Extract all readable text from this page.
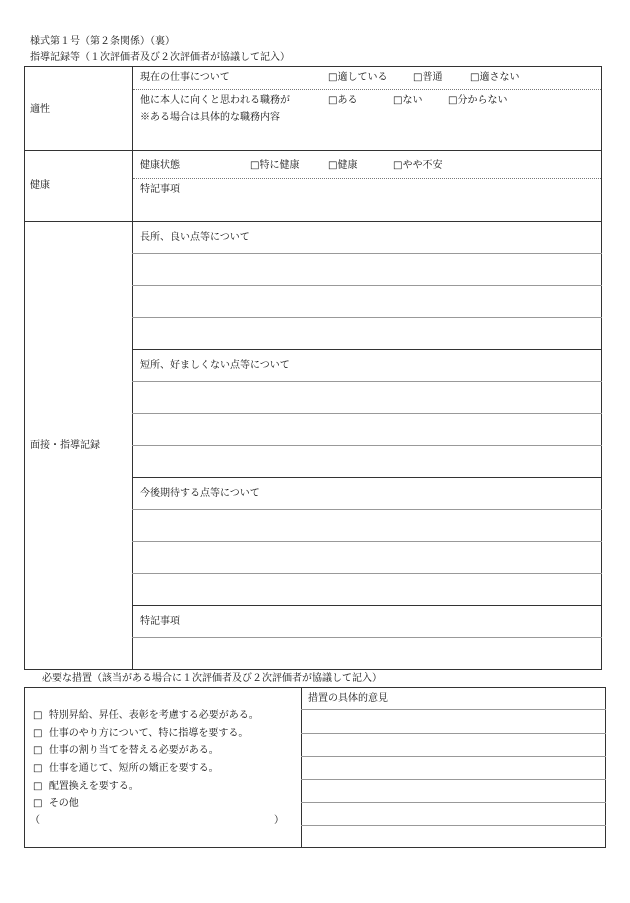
様式第１号（第２条関係）（裏）
指導記録等（１次評価者及び２次評価者が協議して記入）
適性
現在の仕事について	□適している	□普通	□適さない
他に本人に向くと思われる職務が	□ある	□ない	□分からない
※ある場合は具体的な職務内容
健康
健康状態	□特に健康	□健康	□やや不安
特記事項
面接・指導記録
長所、良い点等について
短所、好ましくない点等について
今後期待する点等について
特記事項
必要な措置（該当がある場合に１次評価者及び２次評価者が協議して記入）
□   特別昇給、昇任、表彰を考慮する必要がある。
□   仕事のやり方について、特に指導を要する。
□   仕事の割り当てを替える必要がある。
□   仕事を通じて、短所の矯正を要する。
□   配置換えを要する。
□   その他
（	）
措置の具体的意見
